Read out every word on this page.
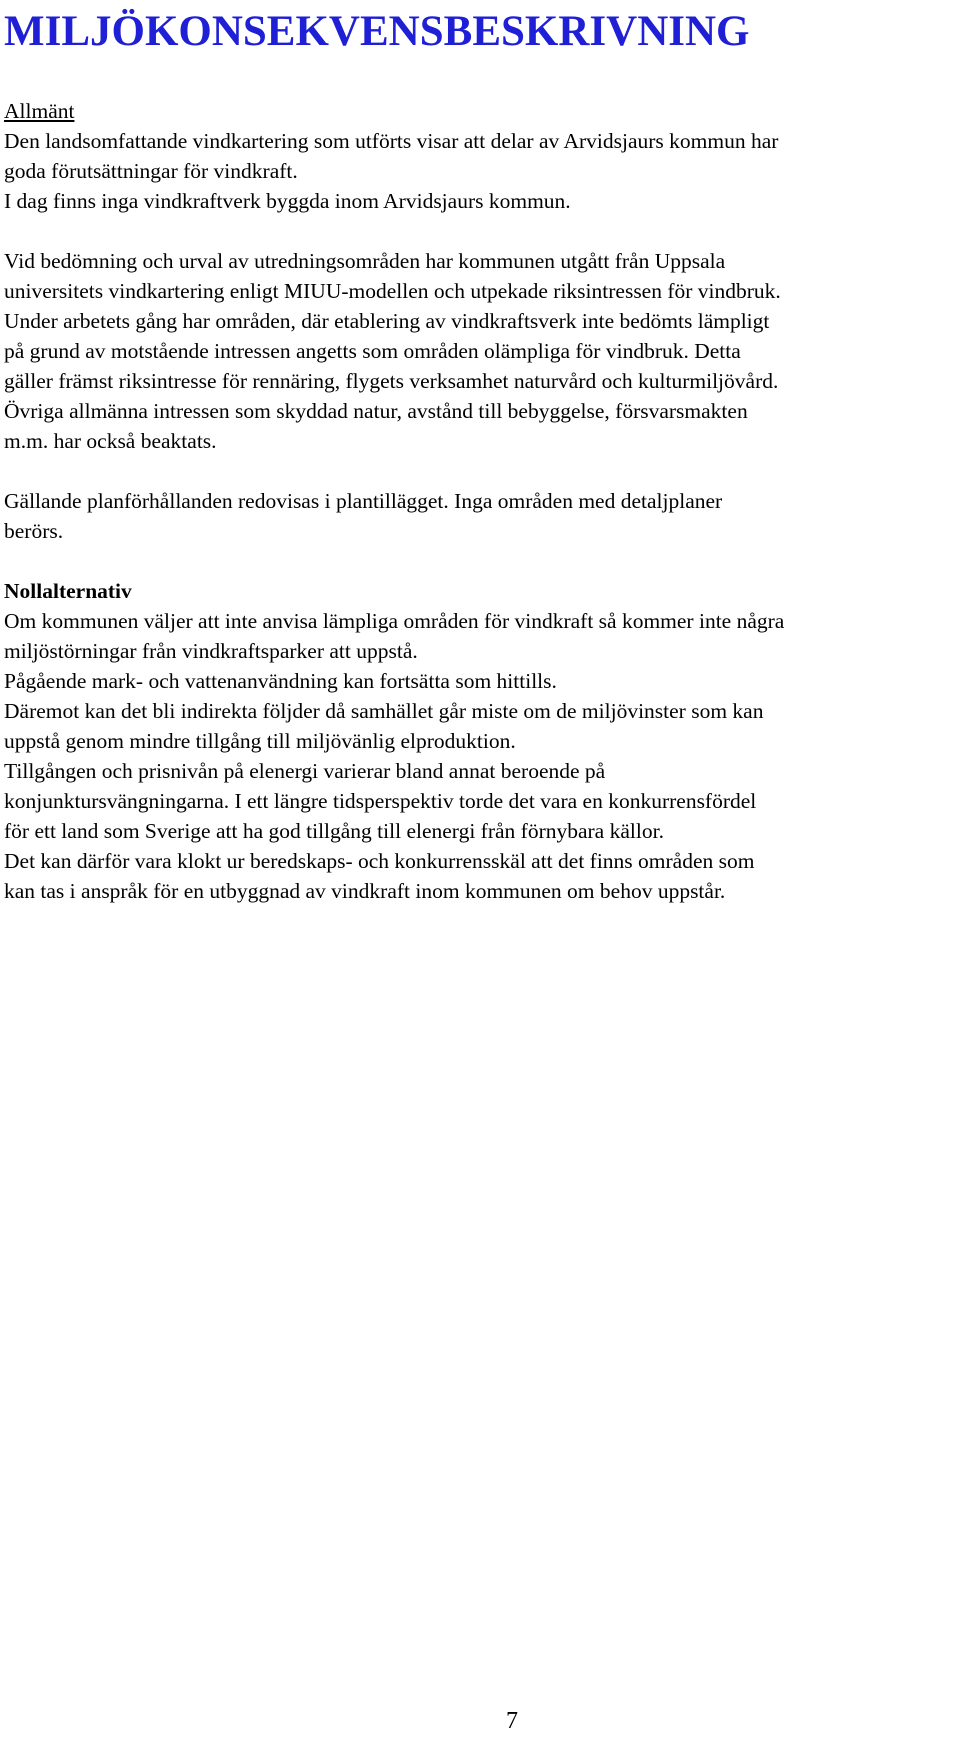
MILJÖKONSEKVENSBESKRIVNING

Allmänt

Den landsomfattande vindkartering som utförts visar att delar av Arvidsjaurs kommun har

goda förutsättningar för vindkraft.

I dag finns inga vindkraftverk byggda inom Arvidsjaurs kommun.

Vid bedömning och urval av utredningsområden har kommunen utgått från Uppsala

universitets vindkartering enligt MIUU-modellen och utpekade riksintressen för vindbruk.

Under arbetets gång har områden, där etablering av vindkraftsverk inte bedömts lämpligt

på grund av motstående intressen angetts som områden olämpliga för vindbruk. Detta

gäller främst riksintresse för rennäring, flygets verksamhet naturvård och kulturmiljövård.

Övriga allmänna intressen som skyddad natur, avstånd till bebyggelse, försvarsmakten

m.m. har också beaktats.

Gällande planförhållanden redovisas i plantillägget. Inga områden med detaljplaner

berörs.

Nollalternativ

Om kommunen väljer att inte anvisa lämpliga områden för vindkraft så kommer inte några

miljöstörningar från vindkraftsparker att uppstå.

Pågående mark- och vattenanvändning kan fortsätta som hittills.

Däremot kan det bli indirekta följder då samhället går miste om de miljövinster som kan

uppstå genom mindre tillgång till miljövänlig elproduktion.

Tillgången och prisnivån på elenergi varierar bland annat beroende på

konjunktursvängningarna. I ett längre tidsperspektiv torde det vara en konkurrensfördel

för ett land som Sverige att ha god tillgång till elenergi från förnybara källor.

Det kan därför vara klokt ur beredskaps- och konkurrensskäl att det finns områden som

kan tas i anspråk för en utbyggnad av vindkraft inom kommunen om behov uppstår.

7
